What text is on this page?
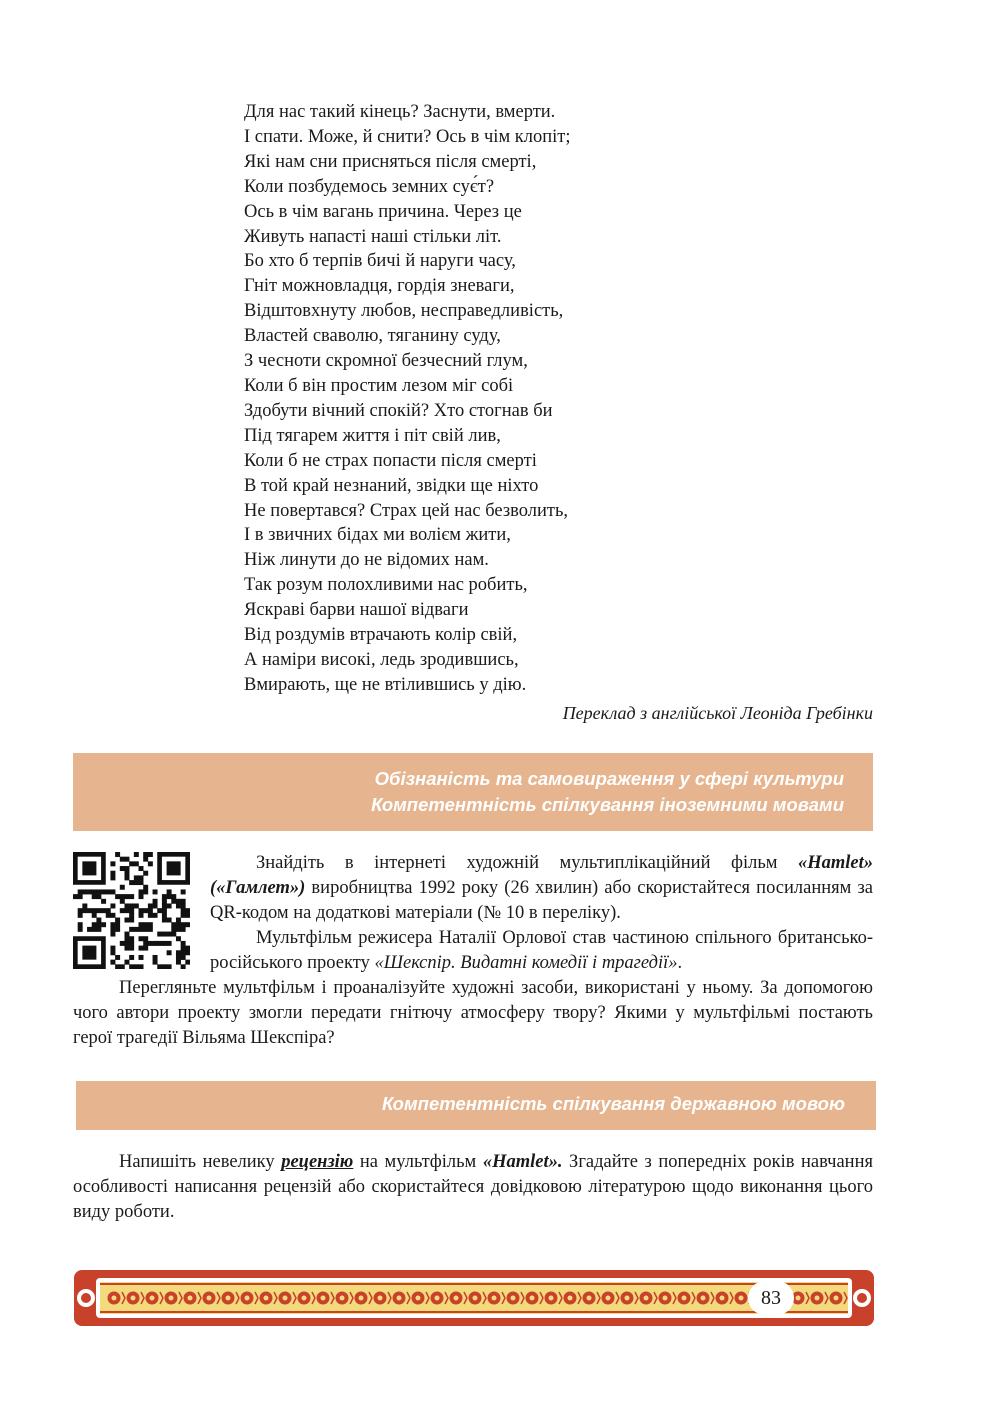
Для нас такий кінець? Заснути, вмерти.
І спати. Може, й снити? Ось в чім клопіт;
Які нам сни присняться після смерті,
Коли позбудемось земних сує́т?
Ось в чім вагань причина. Через це
Живуть напасті наші стільки літ.
Бо хто б терпів бичі й наруги часу,
Гніт можновладця, гордія зневаги,
Відштовхнуту любов, несправедливість,
Властей сваволю, тяганину суду,
З чесноти скромної безчесний глум,
Коли б він простим лезом міг собі
Здобути вічний спокій? Хто стогнав би
Під тягарем життя і піт свій лив,
Коли б не страх попасти після смерті
В той край незнаний, звідки ще ніхто
Не повертався? Страх цей нас безволить,
І в звичних бідах ми волієм жити,
Ніж линути до не відомих нам.
Так розум полохливими нас робить,
Яскраві барви нашої відваги
Від роздумів втрачають колір свій,
А наміри високі, ледь зродившись,
Вмирають, ще не втілившись у дію.
Переклад з англійської Леоніда Гребінки
Обізнаність та самовираження у сфері культури
Компетентність спілкування іноземними мовами

Знайдіть в інтернеті художній мультиплікаційний фільм «Hamlet» («Гамлет») виробництва 1992 року (26 хвилин) або скористайтеся посиланням за QR-кодом на додаткові матеріали (№ 10 в переліку).

Мультфільм режисера Наталії Орлової став частиною спільного британсько-російського проекту «Шекспір. Видатні комедії і трагедії».

Перегляньте мультфільм і проаналізуйте художні засоби, використані у ньому. За допомогою чого автори проекту змогли передати гнітючу атмосферу твору? Якими у мультфільмі постають герої трагедії Вільяма Шекспіра?

Компетентність спілкування державною мовою

Напишіть невелику рецензію на мультфільм «Hamlet». Згадайте з попередніх років навчання особливості написання рецензій або скористайтеся довідковою літературою щодо виконання цього виду роботи.

83
